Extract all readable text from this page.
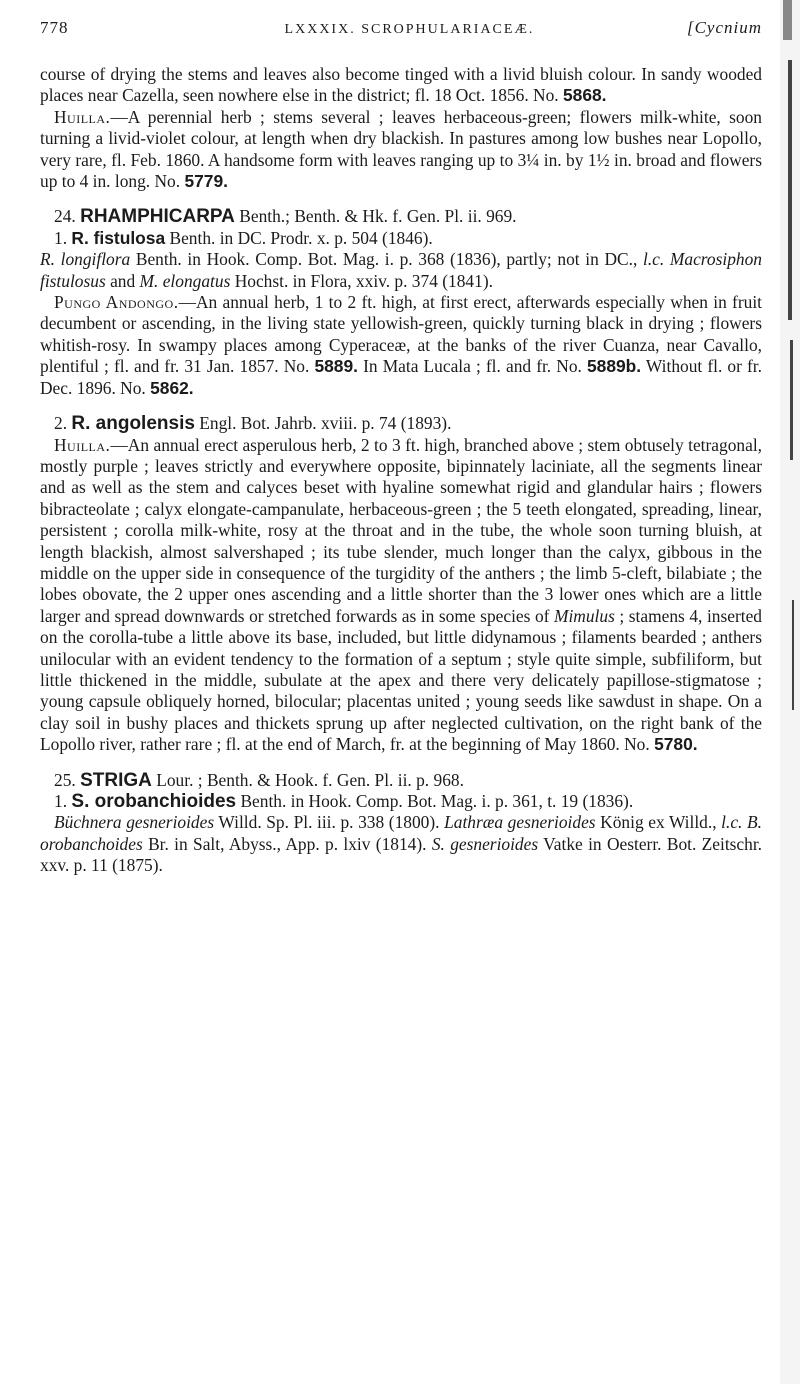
778	LXXXIX. SCROPHULARIACEÆ.	[Cycnium

course of drying the stems and leaves also become tinged with a livid bluish colour. In sandy wooded places near Cazella, seen nowhere else in the district; fl. 18 Oct. 1856. No. 5868.

Huilla.—A perennial herb ; stems several ; leaves herbaceous-green; flowers milk-white, soon turning a livid-violet colour, at length when dry blackish. In pastures among low bushes near Lopollo, very rare, fl. Feb. 1860. A handsome form with leaves ranging up to 3¼ in. by 1½ in. broad and flowers up to 4 in. long. No. 5779.

24. RHAMPHICARPA Benth.; Benth. & Hk. f. Gen. Pl. ii. 969.

1. R. fistulosa Benth. in DC. Prodr. x. p. 504 (1846).

R. longiflora Benth. in Hook. Comp. Bot. Mag. i. p. 368 (1836), partly; not in DC., l.c. Macrosiphon fistulosus and M. elongatus Hochst. in Flora, xxiv. p. 374 (1841).

Pungo Andongo.—An annual herb, 1 to 2 ft. high, at first erect, afterwards especially when in fruit decumbent or ascending, in the living state yellowish-green, quickly turning black in drying ; flowers whitish-rosy. In swampy places among Cyperaceæ, at the banks of the river Cuanza, near Cavallo, plentiful ; fl. and fr. 31 Jan. 1857. No. 5889. In Mata Lucala ; fl. and fr. No. 5889b. Without fl. or fr. Dec. 1896. No. 5862.

2. R. angolensis Engl. Bot. Jahrb. xviii. p. 74 (1893).

Huilla.—An annual erect asperulous herb, 2 to 3 ft. high, branched above ; stem obtusely tetragonal, mostly purple ; leaves strictly and everywhere opposite, bipinnately laciniate, all the segments linear and as well as the stem and calyces beset with hyaline somewhat rigid and glandular hairs ; flowers bibracteolate ; calyx elongate-campanulate, herbaceous-green ; the 5 teeth elongated, spreading, linear, persistent ; corolla milk-white, rosy at the throat and in the tube, the whole soon turning bluish, at length blackish, almost salvershaped ; its tube slender, much longer than the calyx, gibbous in the middle on the upper side in consequence of the turgidity of the anthers ; the limb 5-cleft, bilabiate ; the lobes obovate, the 2 upper ones ascending and a little shorter than the 3 lower ones which are a little larger and spread downwards or stretched forwards as in some species of Mimulus ; stamens 4, inserted on the corolla-tube a little above its base, included, but little didynamous ; filaments bearded ; anthers unilocular with an evident tendency to the formation of a septum ; style quite simple, subfiliform, but little thickened in the middle, subulate at the apex and there very delicately papillose-stigmatose ; young capsule obliquely horned, bilocular; placentas united ; young seeds like sawdust in shape. On a clay soil in bushy places and thickets sprung up after neglected cultivation, on the right bank of the Lopollo river, rather rare ; fl. at the end of March, fr. at the beginning of May 1860. No. 5780.

25. STRIGA Lour. ; Benth. & Hook. f. Gen. Pl. ii. p. 968.

1. S. orobanchioides Benth. in Hook. Comp. Bot. Mag. i. p. 361, t. 19 (1836).

Büchnera gesnerioides Willd. Sp. Pl. iii. p. 338 (1800). Lathræa gesnerioides König ex Willd., l.c. B. orobanchoides Br. in Salt, Abyss., App. p. lxiv (1814). S. gesnerioides Vatke in Oesterr. Bot. Zeitschr. xxv. p. 11 (1875).
